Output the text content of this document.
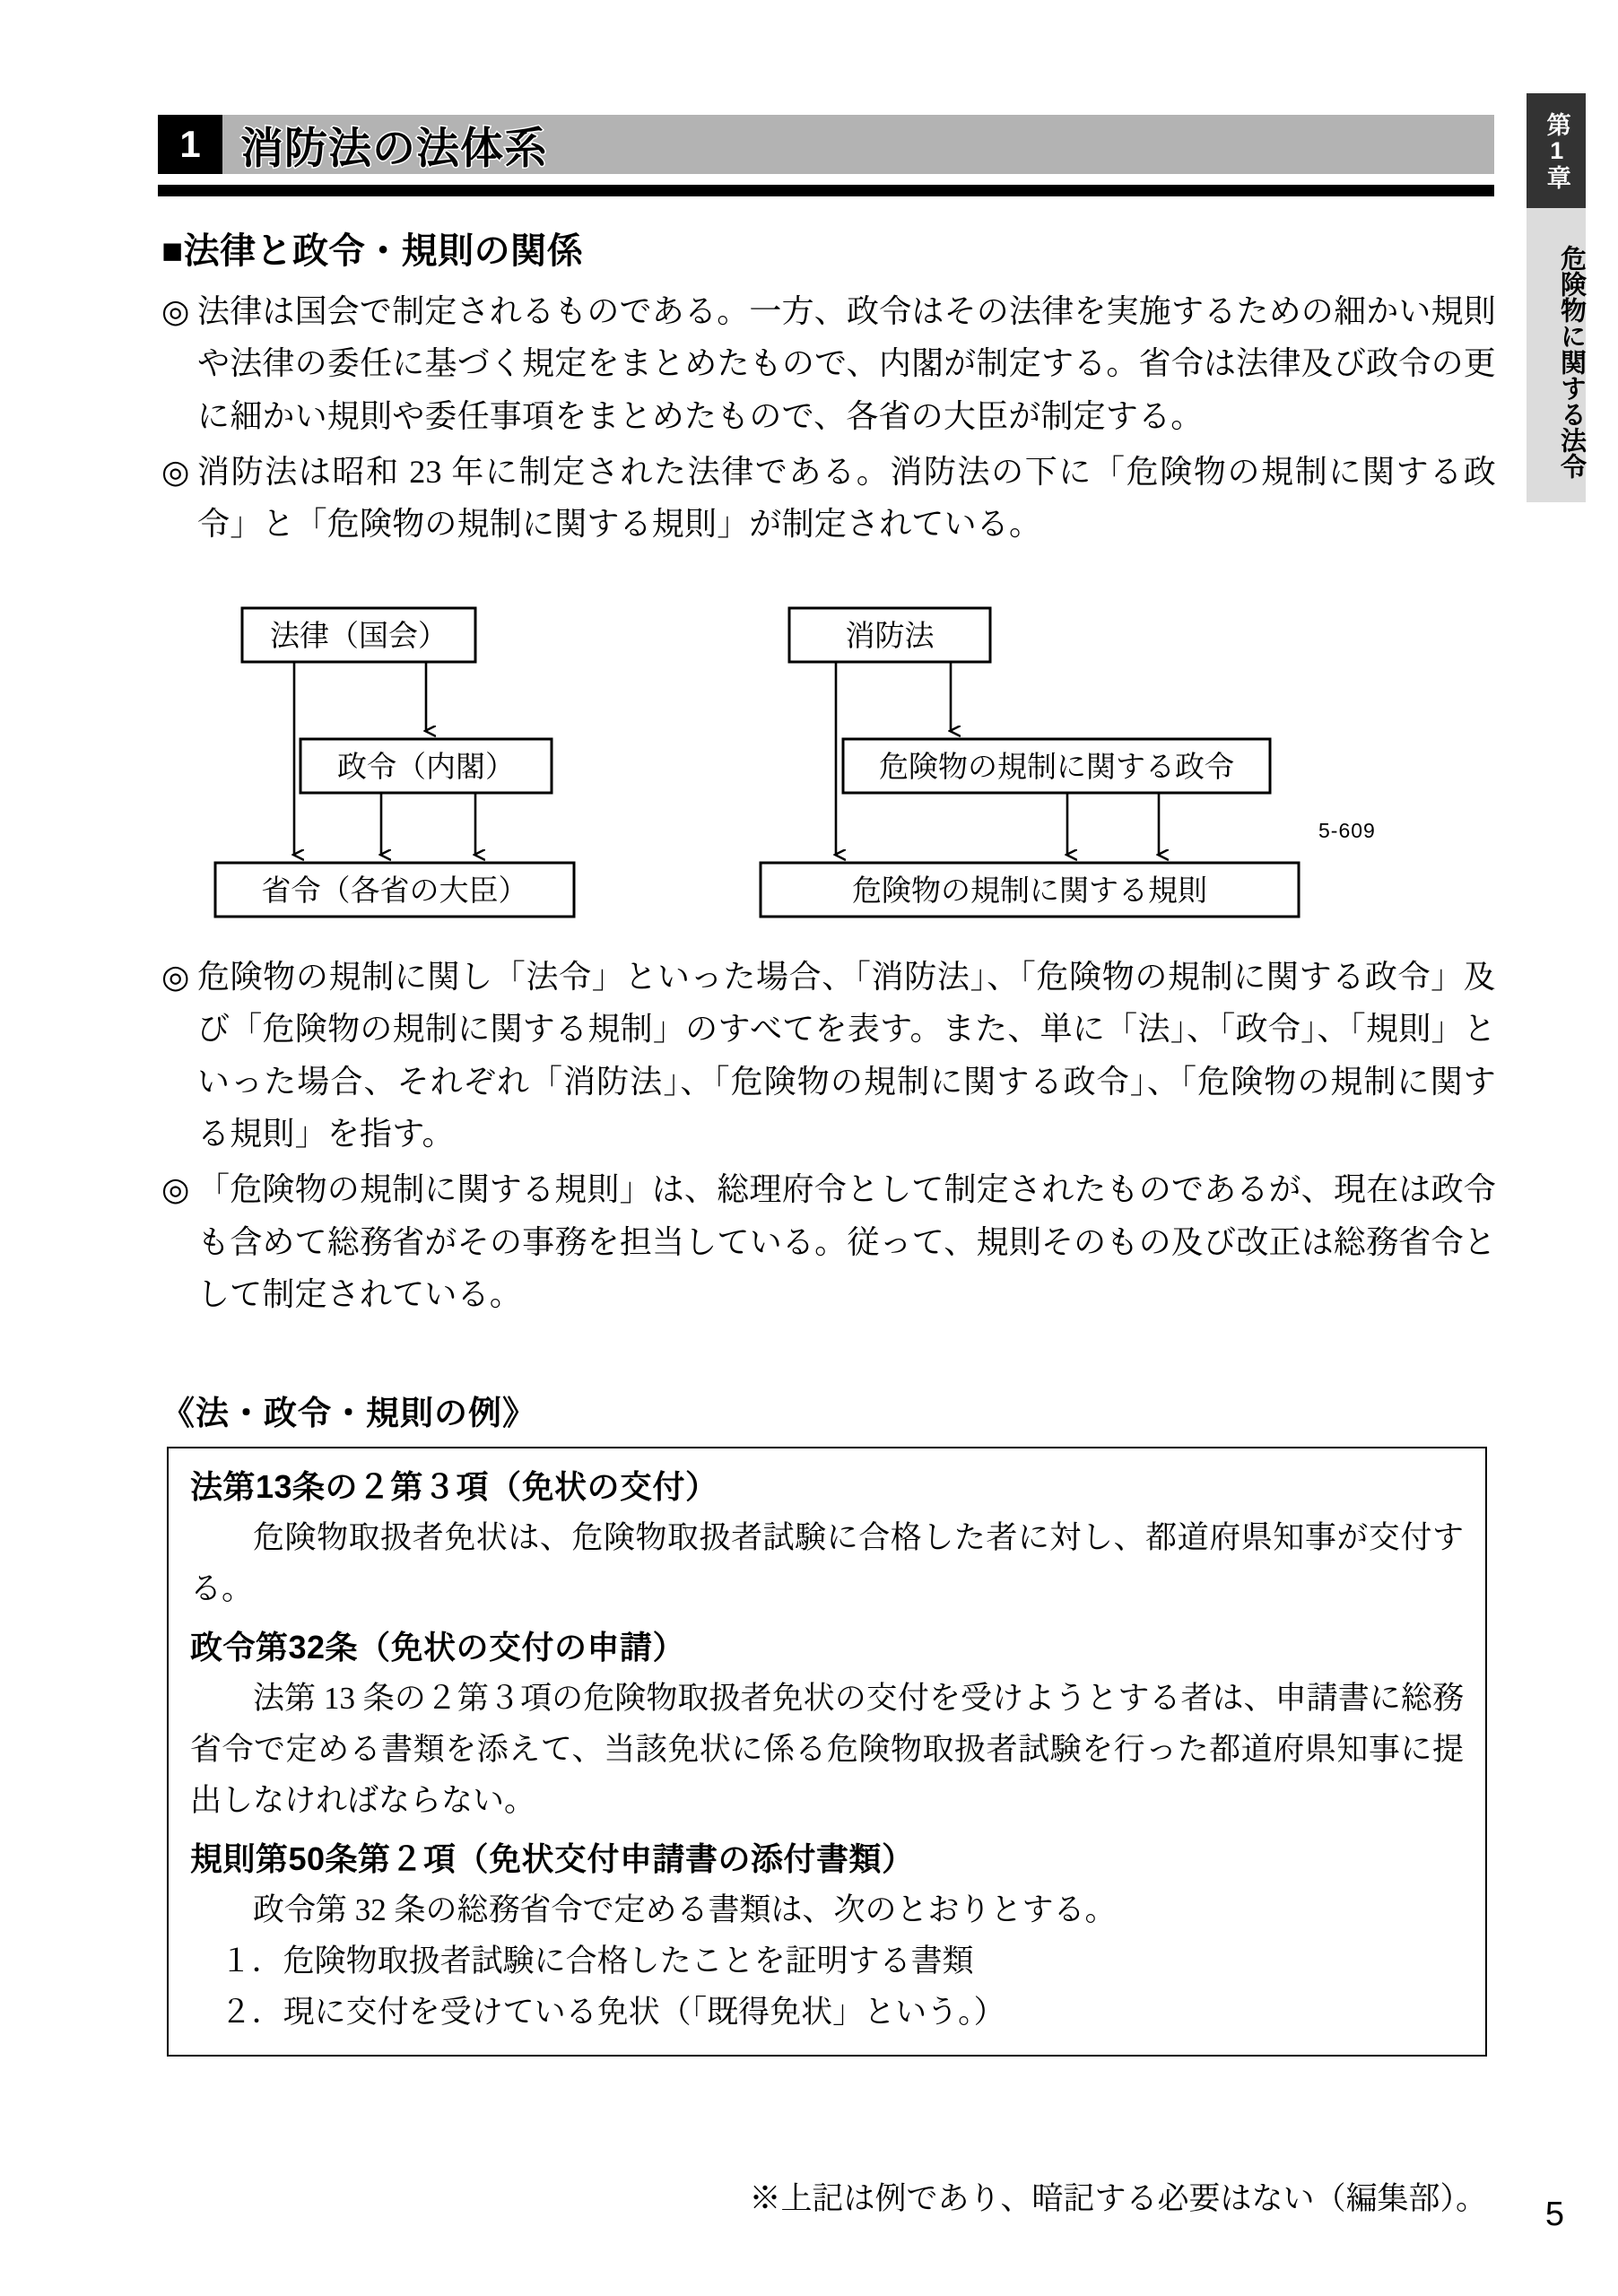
第1章
危険物に関する法令
1 消防法の法体系
■法律と政令・規則の関係
◎ 法律は国会で制定されるものである。一方、政令はその法律を実施するための細かい規則や法律の委任に基づく規定をまとめたもので、内閣が制定する。省令は法律及び政令の更に細かい規則や委任事項をまとめたもので、各省の大臣が制定する。
◎ 消防法は昭和 23 年に制定された法律である。消防法の下に「危険物の規制に関する政令」と「危険物の規制に関する規則」が制定されている。
法律（国会）
政令（内閣）
省令（各省の大臣）
消防法
危険物の規制に関する政令
危険物の規制に関する規則
5-609
◎ 危険物の規制に関し「法令」といった場合、「消防法」、「危険物の規制に関する政令」及び「危険物の規制に関する規制」のすべてを表す。また、単に「法」、「政令」、「規則」といった場合、それぞれ「消防法」、「危険物の規制に関する政令」、「危険物の規制に関する規則」を指す。
◎ 「危険物の規制に関する規則」は、総理府令として制定されたものであるが、現在は政令も含めて総務省がその事務を担当している。従って、規則そのもの及び改正は総務省令として制定されている。
《法・政令・規則の例》
法第13条の２第３項（免状の交付）
危険物取扱者免状は、危険物取扱者試験に合格した者に対し、都道府県知事が交付する。
政令第32条（免状の交付の申請）
法第 13 条の２第３項の危険物取扱者免状の交付を受けようとする者は、申請書に総務省令で定める書類を添えて、当該免状に係る危険物取扱者試験を行った都道府県知事に提出しなければならない。
規則第50条第２項（免状交付申請書の添付書類）
政令第 32 条の総務省令で定める書類は、次のとおりとする。
１．危険物取扱者試験に合格したことを証明する書類
２．現に交付を受けている免状（「既得免状」という。）
※上記は例であり、暗記する必要はない（編集部）。 5
